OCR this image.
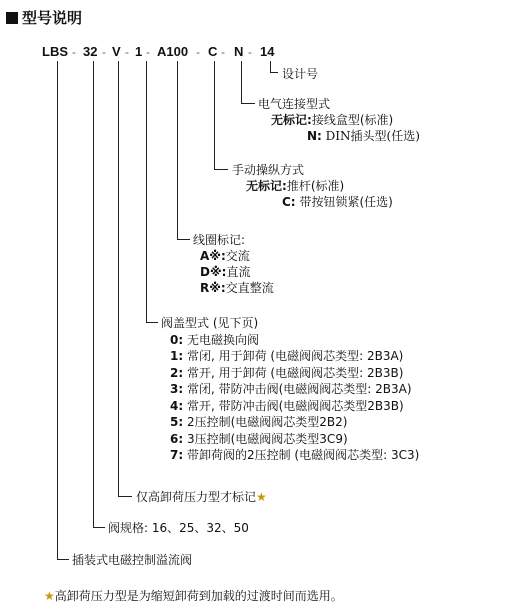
型号说明
LBS - 32 - V - 1 - A100 - C - N - 14
设计号
电气连接型式
无标记:接线盒型(标准)
N: DIN插头型(任选)
手动操纵方式
无标记:推杆(标准)
C: 带按钮锁紧(任选)
线圈标记:
A※:交流
D※:直流
R※:交直整流
阀盖型式 (见下页)
0: 无电磁换向阀
1: 常闭, 用于卸荷 (电磁阀阀芯类型: 2B3A)
2: 常开, 用于卸荷 (电磁阀阀芯类型: 2B3B)
3: 常闭, 带防冲击阀(电磁阀阀芯类型: 2B3A)
4: 常开, 带防冲击阀(电磁阀阀芯类型2B3B)
5: 2压控制(电磁阀阀芯类型2B2)
6: 3压控制(电磁阀阀芯类型3C9)
7: 带卸荷阀的2压控制 (电磁阀阀芯类型: 3C3)
仅高卸荷压力型才标记★
阀规格: 16、25、32、50
插装式电磁控制溢流阀
★高卸荷压力型是为缩短卸荷到加载的过渡时间而选用。
